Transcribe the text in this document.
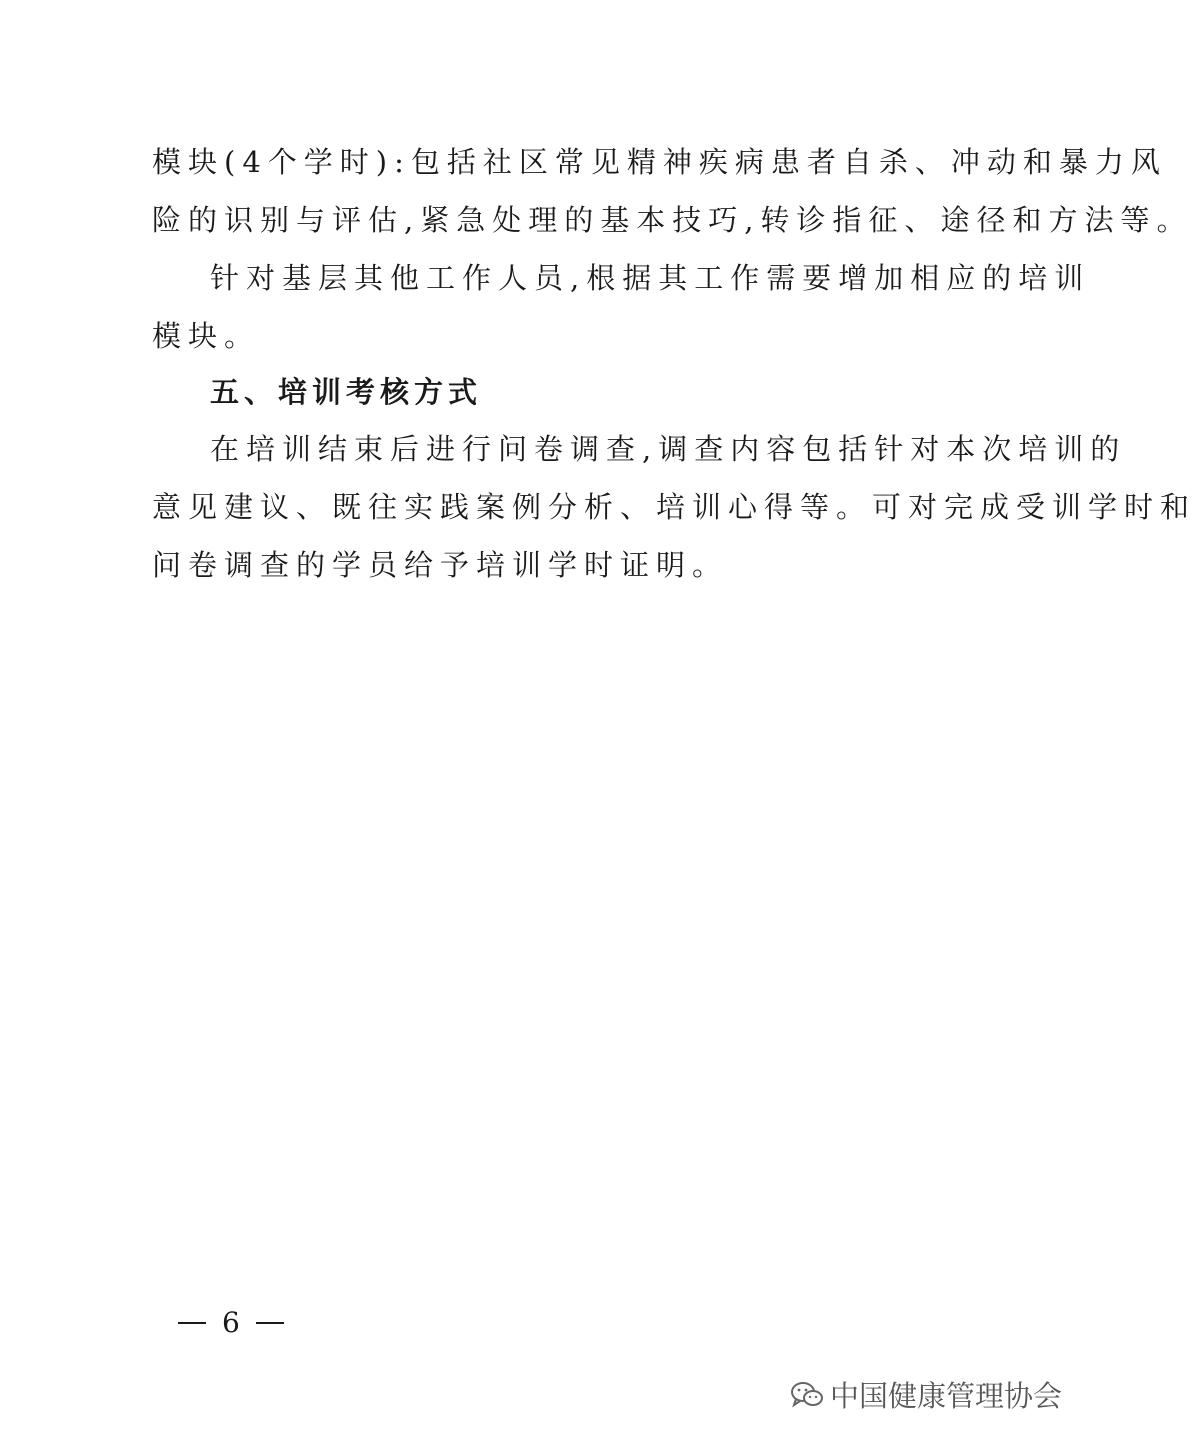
模块(4个学时):包括社区常见精神疾病患者自杀、冲动和暴力风
险的识别与评估,紧急处理的基本技巧,转诊指征、途径和方法等。

针对基层其他工作人员,根据其工作需要增加相应的培训
模块。

五、培训考核方式

在培训结束后进行问卷调查,调查内容包括针对本次培训的
意见建议、既往实践案例分析、培训心得等。可对完成受训学时和
问卷调查的学员给予培训学时证明。

6
中国健康管理协会
